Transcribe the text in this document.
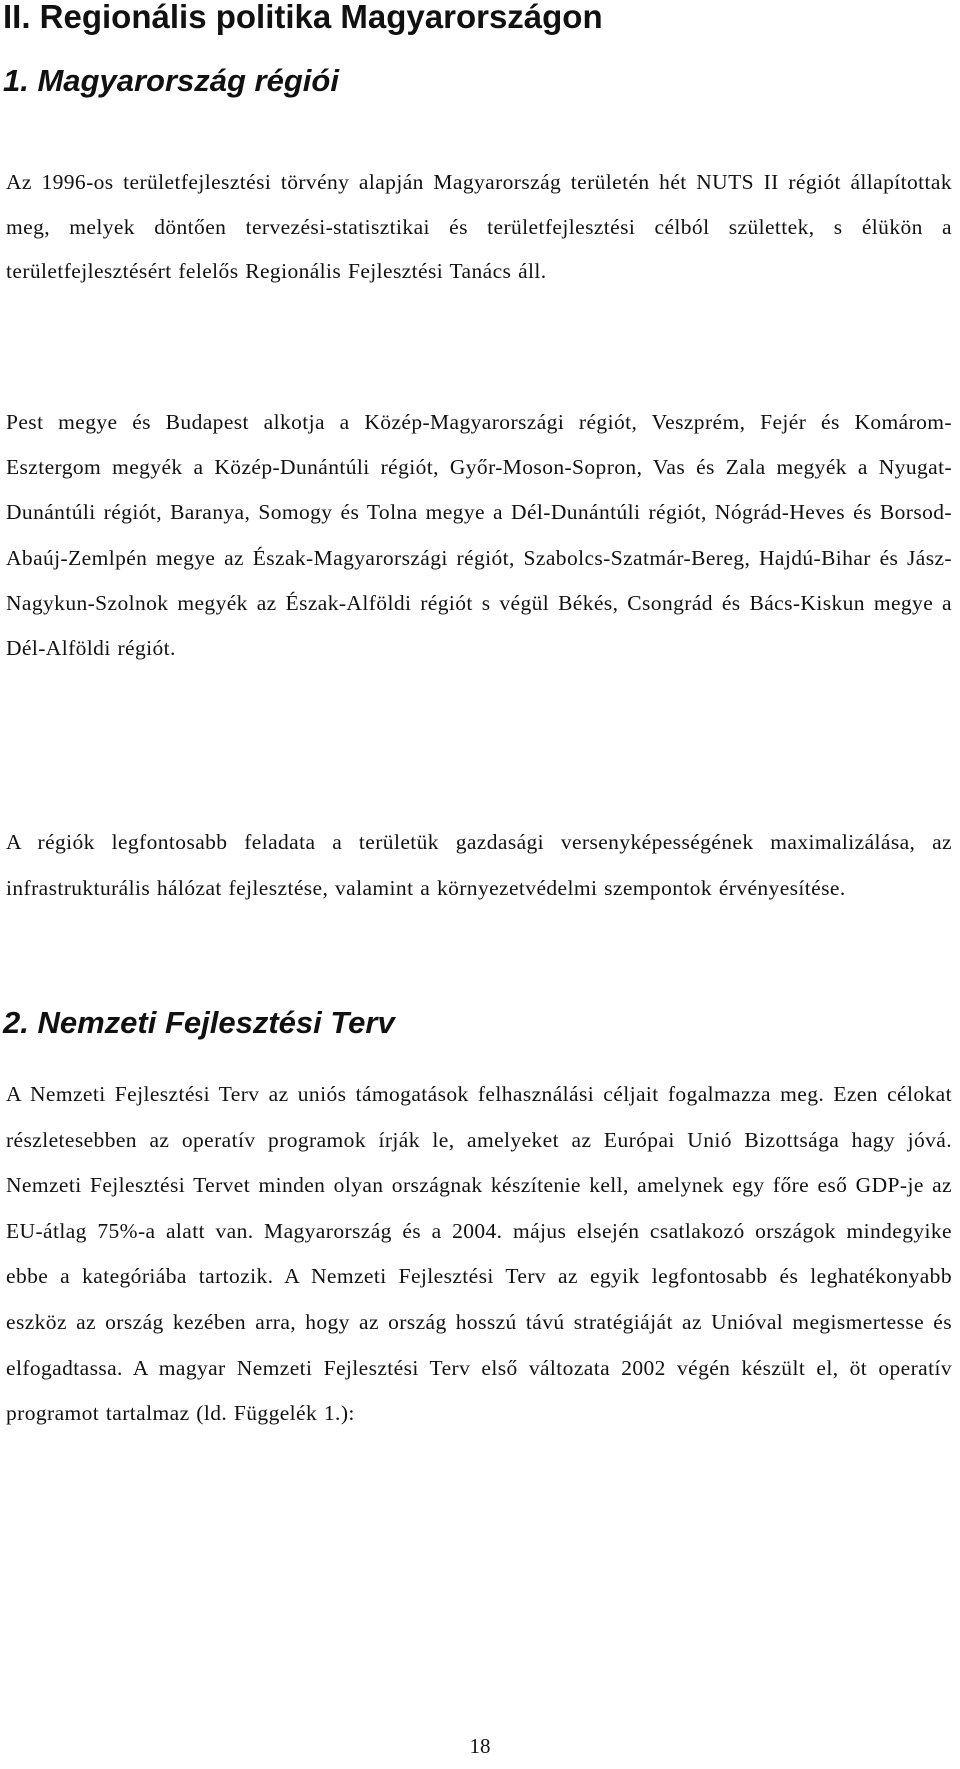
II. Regionális politika Magyarországon
1. Magyarország régiói

Az 1996-os területfejlesztési törvény alapján Magyarország területén hét NUTS II régiót állapítottak meg, melyek döntően tervezési-statisztikai és területfejlesztési célból születtek, s élükön a területfejlesztésért felelős Regionális Fejlesztési Tanács áll.

Pest megye és Budapest alkotja a Közép-Magyarországi régiót, Veszprém, Fejér és Komárom-Esztergom megyék a Közép-Dunántúli régiót, Győr-Moson-Sopron, Vas és Zala megyék a Nyugat-Dunántúli régiót, Baranya, Somogy és Tolna megye a Dél-Dunántúli régiót, Nógrád-Heves és Borsod-Abaúj-Zemlpén megye az Észak-Magyarországi régiót, Szabolcs-Szatmár-Bereg, Hajdú-Bihar és Jász-Nagykun-Szolnok megyék az Észak-Alföldi régiót s végül Békés, Csongrád és Bács-Kiskun megye a Dél-Alföldi régiót.

A régiók legfontosabb feladata a területük gazdasági versenyképességének maximalizálása, az infrastrukturális hálózat fejlesztése, valamint a környezetvédelmi szempontok érvényesítése.

2. Nemzeti Fejlesztési Terv

A Nemzeti Fejlesztési Terv az uniós támogatások felhasználási céljait fogalmazza meg. Ezen célokat részletesebben az operatív programok írják le, amelyeket az Európai Unió Bizottsága hagy jóvá. Nemzeti Fejlesztési Tervet minden olyan országnak készítenie kell, amelynek egy főre eső GDP-je az EU-átlag 75%-a alatt van. Magyarország és a 2004. május elsején csatlakozó országok mindegyike ebbe a kategóriába tartozik. A Nemzeti Fejlesztési Terv az egyik legfontosabb és leghatékonyabb eszköz az ország kezében arra, hogy az ország hosszú távú stratégiáját az Unióval megismertesse és elfogadtassa. A magyar Nemzeti Fejlesztési Terv első változata 2002 végén készült el, öt operatív programot tartalmaz (ld. Függelék 1.):

18
